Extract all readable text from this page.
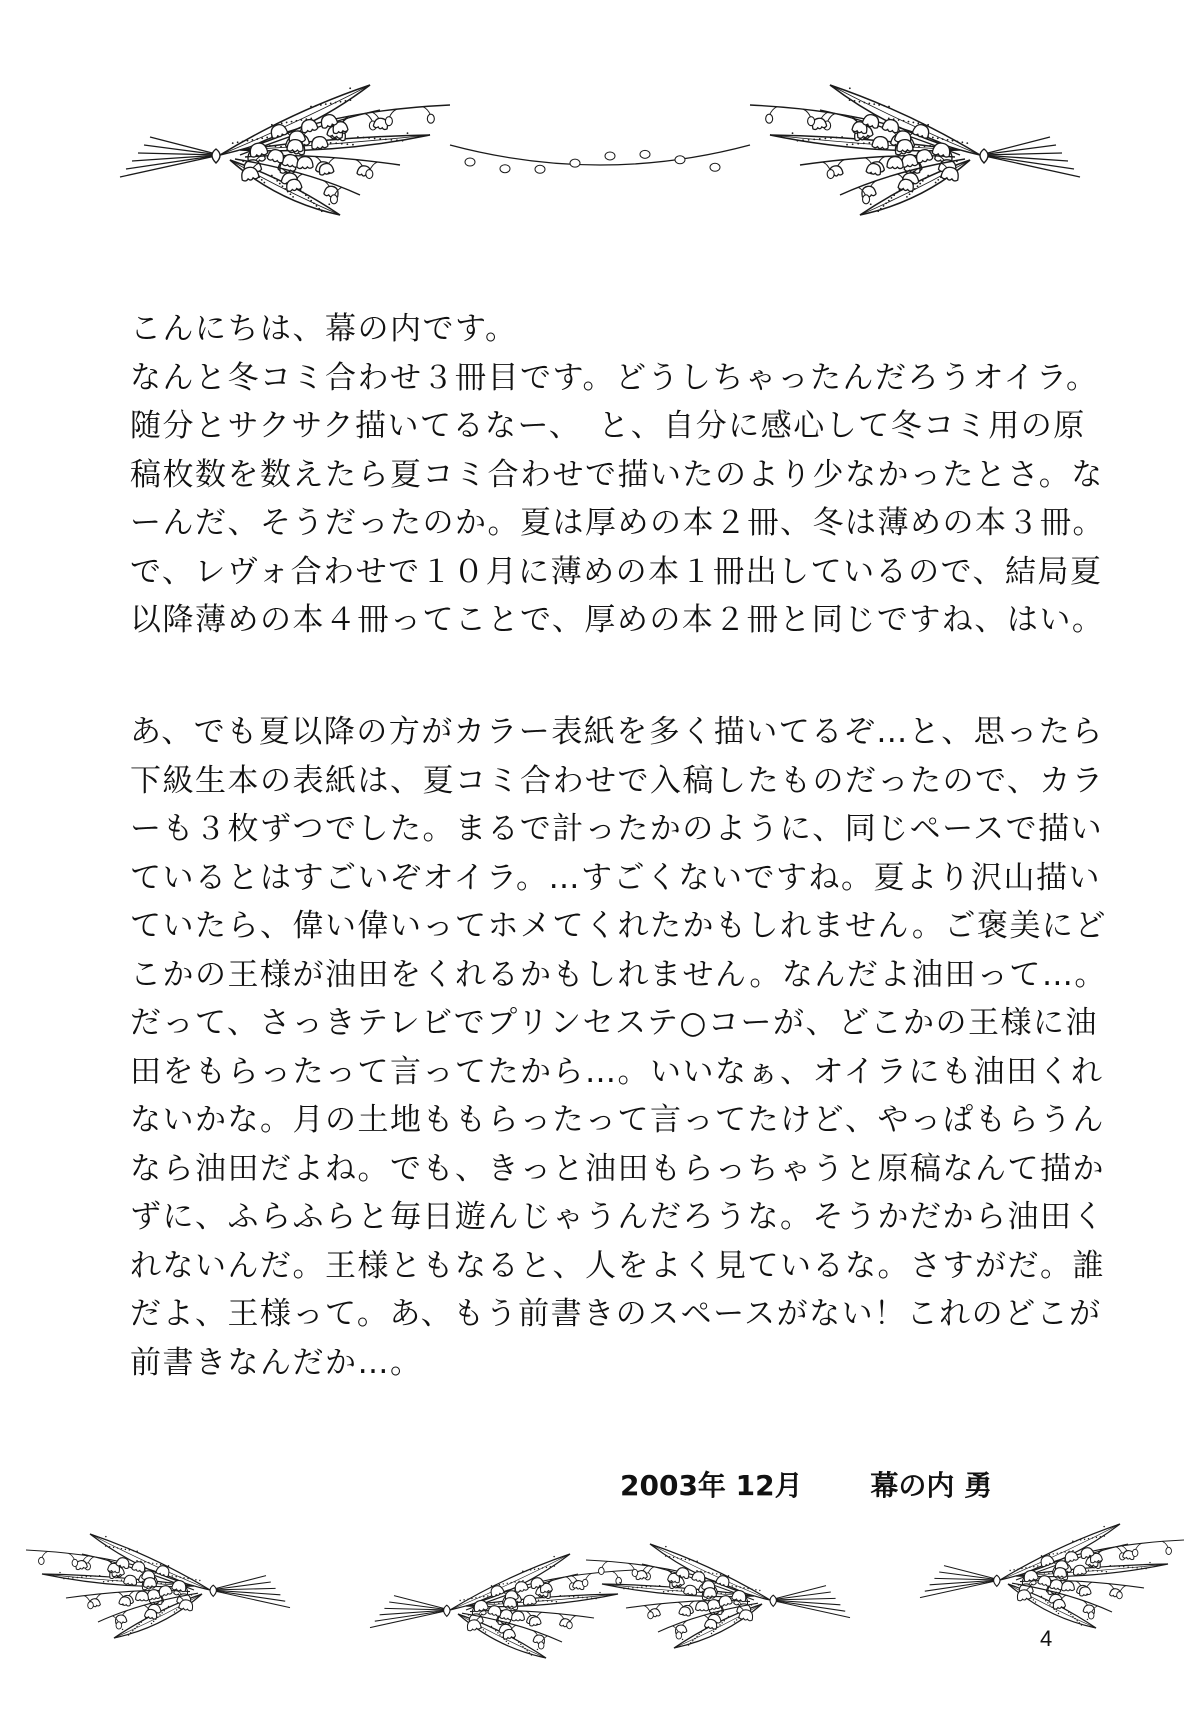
こんにちは、幕の内です。
なんと冬コミ合わせ３冊目です。どうしちゃったんだろうオイラ。
随分とサクサク描いてるなー、　と、自分に感心して冬コミ用の原
稿枚数を数えたら夏コミ合わせで描いたのより少なかったとさ。な
ーんだ、そうだったのか。夏は厚めの本２冊、冬は薄めの本３冊。
で、レヴォ合わせで１０月に薄めの本１冊出しているので、結局夏
以降薄めの本４冊ってことで、厚めの本２冊と同じですね、はい。
あ、でも夏以降の方がカラー表紙を多く描いてるぞ…と、思ったら
下級生本の表紙は、夏コミ合わせで入稿したものだったので、カラ
ーも３枚ずつでした。まるで計ったかのように、同じペースで描い
ているとはすごいぞオイラ。…すごくないですね。夏より沢山描い
ていたら、偉い偉いってホメてくれたかもしれません。ご褒美にど
こかの王様が油田をくれるかもしれません。なんだよ油田って…。
だって、さっきテレビでプリンセステ○コーが、どこかの王様に油
田をもらったって言ってたから…。いいなぁ、オイラにも油田くれ
ないかな。月の土地ももらったって言ってたけど、やっぱもらうん
なら油田だよね。でも、きっと油田もらっちゃうと原稿なんて描か
ずに、ふらふらと毎日遊んじゃうんだろうな。そうかだから油田く
れないんだ。王様ともなると、人をよく見ているな。さすがだ。誰
だよ、王様って。あ、もう前書きのスペースがない！これのどこが
前書きなんだか…。
2003年 12月 幕の内 勇
4
